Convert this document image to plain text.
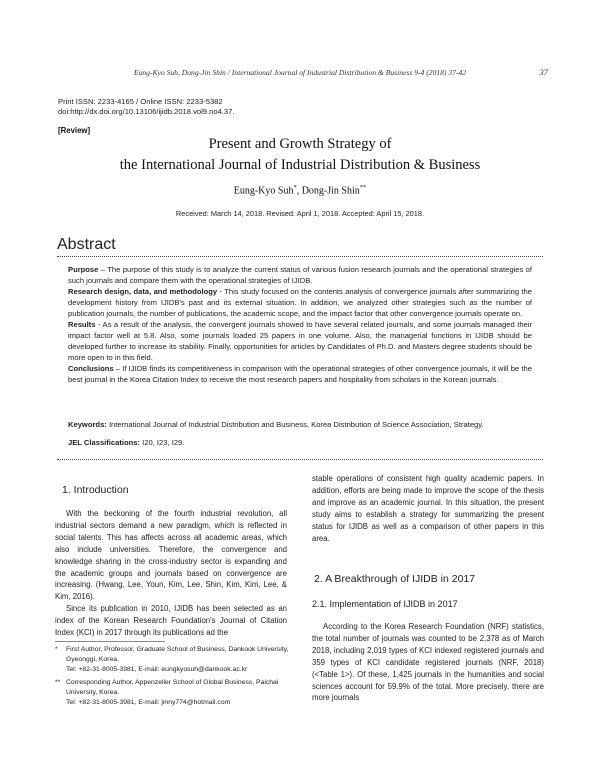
Eung-Kyo Suh, Dong-Jin Shin / International Journal of Industrial Distribution & Business 9-4 (2018) 37-42	37
Print ISSN: 2233-4165 / Online ISSN: 2233-5382
doi:http://dx.doi.org/10.13106/ijidb.2018.vol9.no4.37.
[Review]
Present and Growth Strategy of
the International Journal of Industrial Distribution & Business
Eung-Kyo Suh*, Dong-Jin Shin**
Received: March 14, 2018. Revised: April 1, 2018. Accepted: April 15, 2018.
Abstract
Purpose – The purpose of this study is to analyze the current status of various fusion research journals and the operational strategies of such journals and compare them with the operational strategies of IJIDB.
Research design, data, and methodology - This study focused on the contents analysis of convergence journals after summarizing the development history from IJIDB's past and its external situation. In addition, we analyzed other strategies such as the number of publication journals, the number of publications, the academic scope, and the impact factor that other convergence journals operate on.
Results - As a result of the analysis, the convergent journals showed to have several related journals, and some journals managed their impact factor well at 5.8. Also, some journals loaded 25 papers in one volume. Also, the managerial functions in IJIDB should be developed further to increase its stability. Finally, opportunities for articles by Candidates of Ph.D. and Masters degree students should be more open to in this field.
Conclusions – If IJIDB finds its competitiveness in comparison with the operational strategies of other convergence journals, it will be the best journal in the Korea Citation Index to receive the most research papers and hospitality from scholars in the Korean journals.
Keywords: International Journal of Industrial Distribution and Business, Korea Distribution of Science Association, Strategy.
JEL Classifications: I20, I23, I29.
1. Introduction

With the beckoning of the fourth industrial revolution, all industrial sectors demand a new paradigm, which is reflected in social talents. This has affects across all academic areas, which also include universities. Therefore, the convergence and knowledge sharing in the cross-industry sector is expanding and the academic groups and journals based on convergence are increasing. (Hwang, Lee, Youn, Kim, Lee, Shin, Kim, Kim, Lee, & Kim, 2016).

Since its publication in 2010, IJIDB has been selected as an index of the Korean Research Foundation's Journal of Citation Index (KCI) in 2017 through its publications ad the

*	First Author, Professor, Graduate School of Business, Dankook University, Gyeonggi, Korea.
Tel: +82-31-8005-3981, E-mail: eungkyosuh@dankook.ac.kr
** Corresponding Author, Appenzeller School of Global Business, Paichai University, Korea.
Tel: +82-31-8005-3981, E-mail: jinny774@hotmail.com
stable operations of consistent high quality academic papers. In addition, efforts are being made to improve the scope of the thesis and improve as an academic journal. In this situation, the present study aims to establish a strategy for summarizing the present status for IJIDB as well as a comparison of other papers in this area.
2. A Breakthrough of IJIDB in 2017
2.1. Implementation of IJIDB in 2017

According to the Korea Research Foundation (NRF) statistics, the total number of journals was counted to be 2,378 as of March 2018, including 2,019 types of KCI indexed registered journals and 359 types of KCI candidate registered journals (NRF, 2018) (<Table 1>). Of these, 1,425 journals in the humanities and social sciences account for 59.9% of the total. More precisely, there are more journals
